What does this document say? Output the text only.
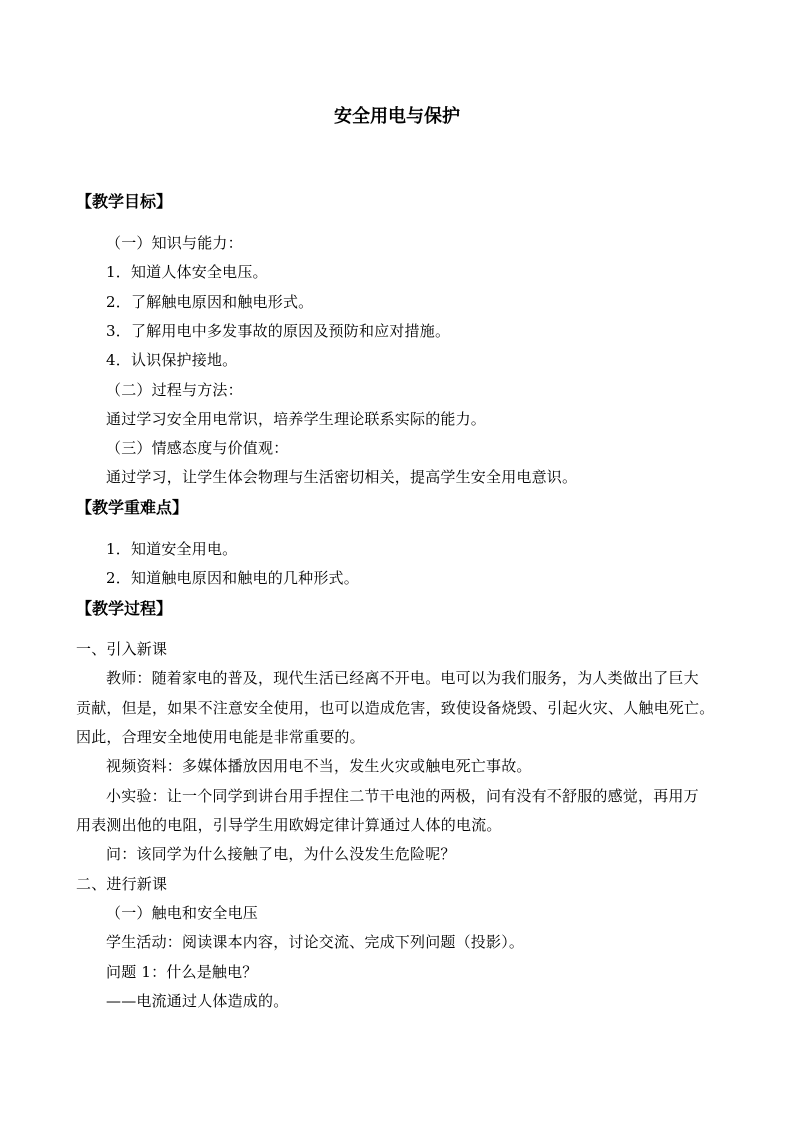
安全用电与保护
【教学目标】
（一）知识与能力：
1．知道人体安全电压。
2．了解触电原因和触电形式。
3．了解用电中多发事故的原因及预防和应对措施。
4．认识保护接地。
（二）过程与方法：
通过学习安全用电常识，培养学生理论联系实际的能力。
（三）情感态度与价值观：
通过学习，让学生体会物理与生活密切相关，提高学生安全用电意识。
【教学重难点】
1．知道安全用电。
2．知道触电原因和触电的几种形式。
【教学过程】
一、引入新课
教师：随着家电的普及，现代生活已经离不开电。电可以为我们服务，为人类做出了巨大
贡献，但是，如果不注意安全使用，也可以造成危害，致使设备烧毁、引起火灾、人触电死亡。
因此，合理安全地使用电能是非常重要的。
视频资料：多媒体播放因用电不当，发生火灾或触电死亡事故。
小实验：让一个同学到讲台用手捏住二节干电池的两极，问有没有不舒服的感觉，再用万
用表测出他的电阻，引导学生用欧姆定律计算通过人体的电流。
问：该同学为什么接触了电，为什么没发生危险呢？
二、进行新课
（一）触电和安全电压
学生活动：阅读课本内容，讨论交流、完成下列问题（投影）。
问题 1：什么是触电？
——电流通过人体造成的。
